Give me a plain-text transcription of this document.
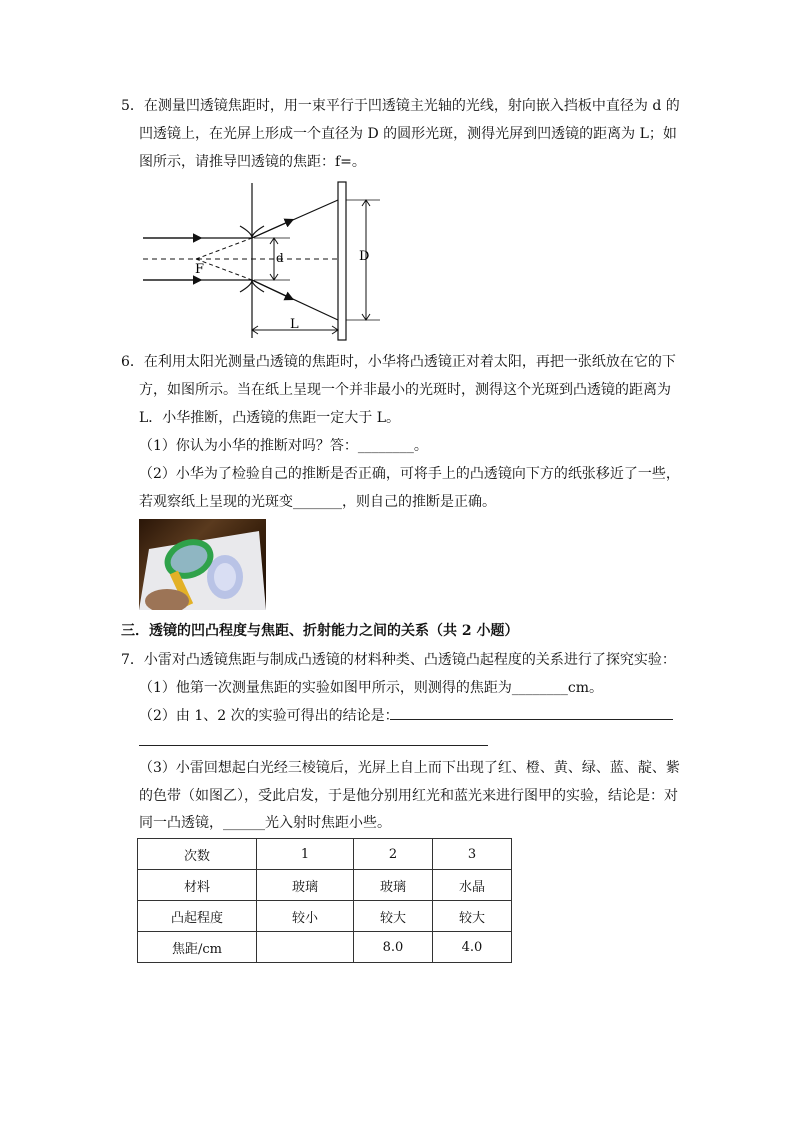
5．在测量凹透镜焦距时，用一束平行于凹透镜主光轴的光线，射向嵌入挡板中直径为 d 的
凹透镜上，在光屏上形成一个直径为 D 的圆形光斑，测得光屏到凹透镜的距离为 L；如
图所示，请推导凹透镜的焦距：f=。
F
d	D
L
6．在利用太阳光测量凸透镜的焦距时，小华将凸透镜正对着太阳，再把一张纸放在它的下
方，如图所示。当在纸上呈现一个并非最小的光斑时，测得这个光斑到凸透镜的距离为
L．小华推断，凸透镜的焦距一定大于 L。
（1）你认为小华的推断对吗？答：________。
（2）小华为了检验自己的推断是否正确，可将手上的凸透镜向下方的纸张移近了一些，
若观察纸上呈现的光斑变_______，则自己的推断是正确。
三．透镜的凹凸程度与焦距、折射能力之间的关系（共 2 小题）
7．小雷对凸透镜焦距与制成凸透镜的材料种类、凸透镜凸起程度的关系进行了探究实验：
（1）他第一次测量焦距的实验如图甲所示，则测得的焦距为________cm。
（2）由 1、2 次的实验可得出的结论是：
（3）小雷回想起白光经三棱镜后，光屏上自上而下出现了红、橙、黄、绿、蓝、靛、紫
的色带（如图乙），受此启发，于是他分别用红光和蓝光来进行图甲的实验，结论是：对
同一凸透镜，______光入射时焦距小些。
次数	1	2	3
材料	玻璃	玻璃	水晶
凸起程度	较小	较大	较大
焦距/cm		8.0	4.0
